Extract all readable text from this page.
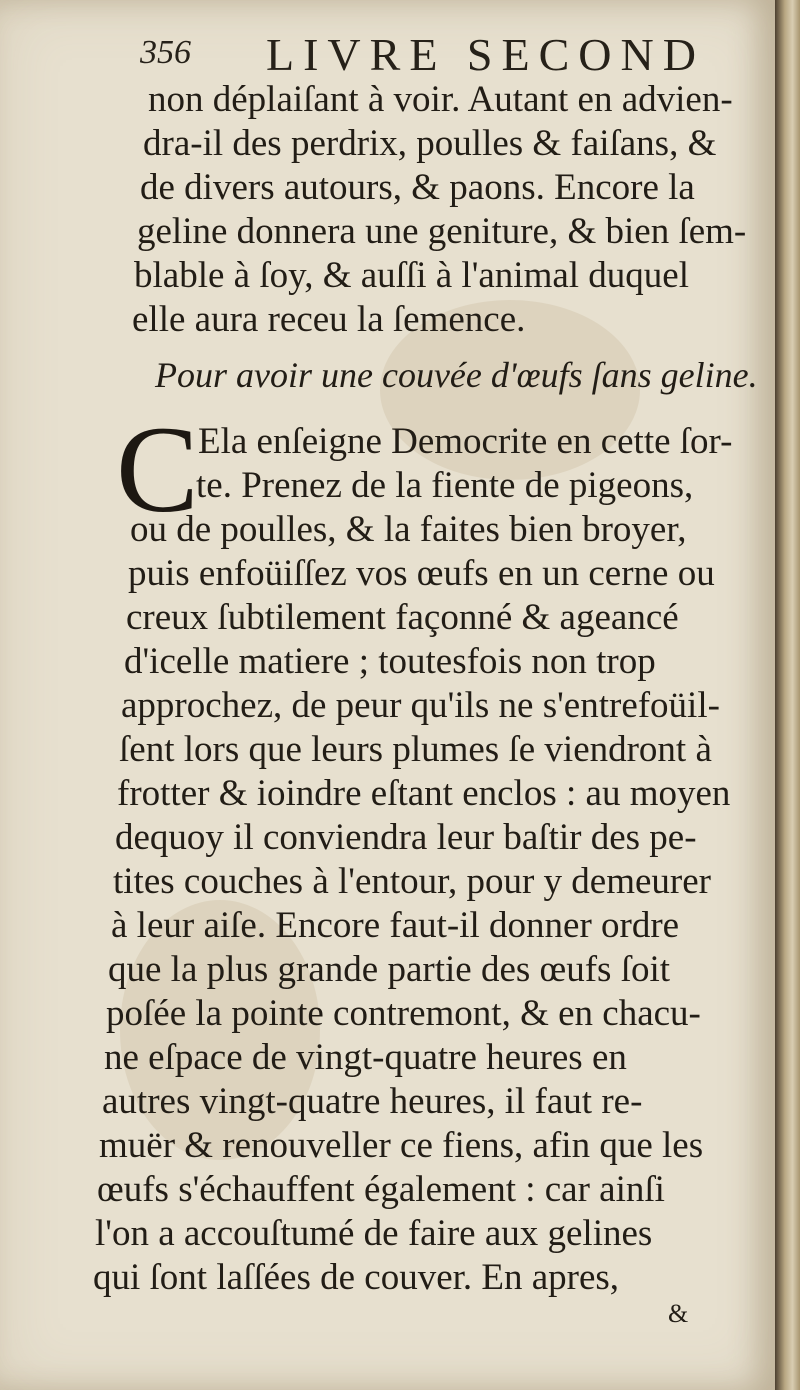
356 LIVRE SECOND

non déplaiſant à voir. Autant en advien-

dra-il des perdrix, poulles & faiſans, &

de divers autours, & paons. Encore la

geline donnera une geniture, & bien ſem-

blable à ſoy, & auſſi à l'animal duquel

elle aura receu la ſemence.

Pour avoir une couvée d'œufs ſans geline.

C Ela enſeigne Democrite en cette ſor-

te. Prenez de la fiente de pigeons,

ou de poulles, & la faites bien broyer,

puis enfoüiſſez vos œufs en un cerne ou

creux ſubtilement façonné & ageancé

d'icelle matiere ; toutesfois non trop

approchez, de peur qu'ils ne s'entrefoüil-

ſent lors que leurs plumes ſe viendront à

frotter & ioindre eſtant enclos : au moyen

dequoy il conviendra leur baſtir des pe-

tites couches à l'entour, pour y demeurer

à leur aiſe. Encore faut-il donner ordre

que la plus grande partie des œufs ſoit

poſée la pointe contremont, & en chacu-

ne eſpace de vingt-quatre heures en

autres vingt-quatre heures, il faut re-

muër & renouveller ce fiens, afin que les

œufs s'échauffent également : car ainſi

l'on a accouſtumé de faire aux gelines

qui ſont laſſées de couver. En apres,

&
